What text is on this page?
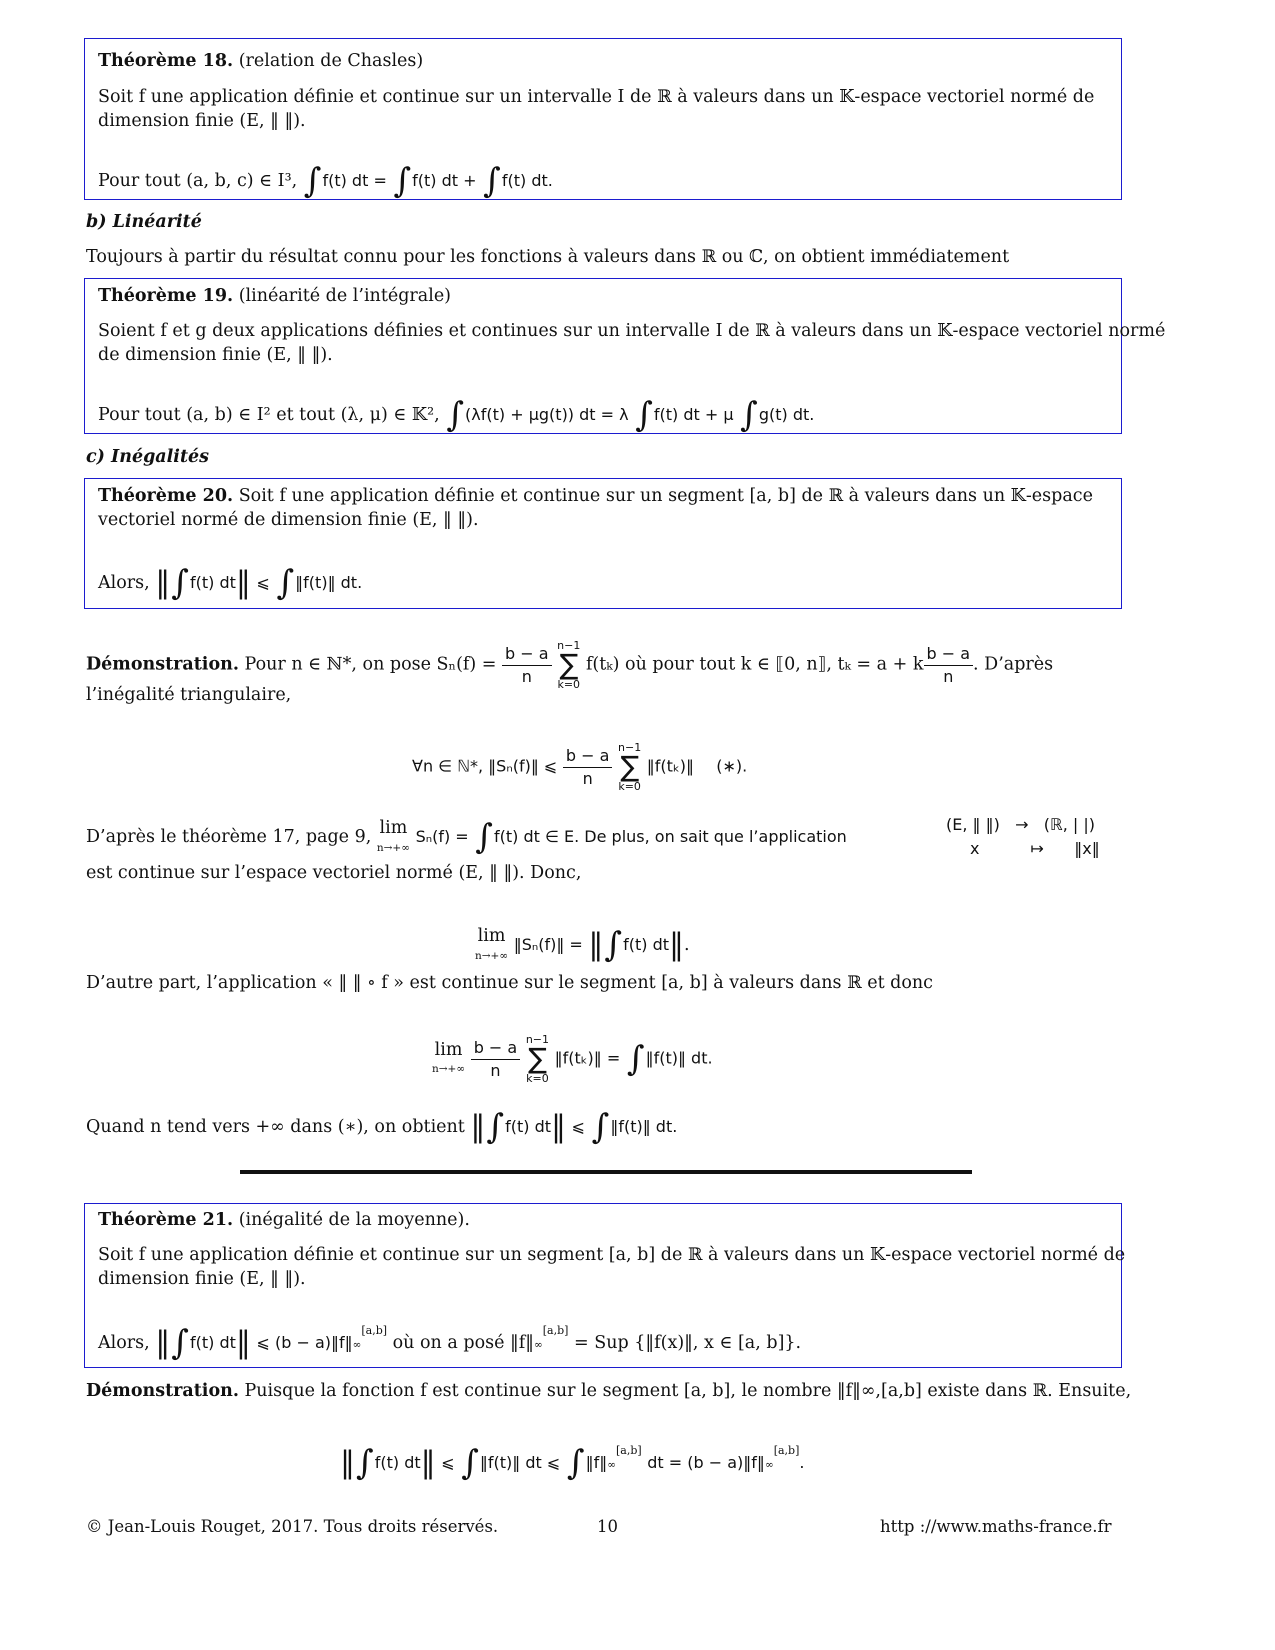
Théorème 18. (relation de Chasles)
Soit f une application définie et continue sur un intervalle I de ℝ à valeurs dans un 𝕂-espace vectoriel normé de
dimension finie (E, ‖ ‖).
Pour tout (a, b, c) ∈ I³, ∫f(t) dt = ∫f(t) dt + ∫f(t) dt.
b) Linéarité
Toujours à partir du résultat connu pour les fonctions à valeurs dans ℝ ou ℂ, on obtient immédiatement
Théorème 19. (linéarité de l’intégrale)
Soient f et g deux applications définies et continues sur un intervalle I de ℝ à valeurs dans un 𝕂-espace vectoriel normé
de dimension finie (E, ‖ ‖).
Pour tout (a, b) ∈ I² et tout (λ, μ) ∈ 𝕂², ∫(λf(t) + μg(t)) dt = λ ∫f(t) dt + μ ∫g(t) dt.
c) Inégalités
Théorème 20. Soit f une application définie et continue sur un segment [a, b] de ℝ à valeurs dans un 𝕂-espace
vectoriel normé de dimension finie (E, ‖ ‖).
Alors, ‖∫f(t) dt‖ ⩽ ∫‖f(t)‖ dt.
Démonstration. Pour n ∈ ℕ*, on pose $S_n(f) = \frac{b - a}{n}$
n−1
∑
k=0
f(tₖ) où pour tout k ∈ ⟦0, n⟧, tₖ = a + k $\frac{b - a}{n}$ . D’après
l’inégalité triangulaire,
∀n ∈ ℕ*, ‖Sₙ(f)‖ ⩽ $\frac{b - a}{n}$
n−1
∑
k=0
‖f(tₖ)‖ (∗).
D’après le théorème 17, page 9, lim
n→+∞ Sₙ(f) = ∫f(t) dt ∈ E. De plus, on sait que l’application
(E, ‖ ‖)   →   (ℝ, | |)
x          ↦      ‖x‖
est continue sur l’espace vectoriel normé (E, ‖ ‖). Donc,
lim
n→+∞ ‖Sₙ(f)‖ = ‖∫f(t) dt‖.
D’autre part, l’application « ‖ ‖ ∘ f » est continue sur le segment [a, b] à valeurs dans ℝ et donc
lim
$n\to+\infty \frac{b - a}{n}$
n−1
∑
k=0
‖f(tₖ)‖ = ∫‖f(t)‖ dt.
Quand n tend vers +∞ dans (∗), on obtient ‖∫f(t) dt‖ ⩽ ∫‖f(t)‖ dt.
Théorème 21. (inégalité de la moyenne).
Soit f une application définie et continue sur un segment [a, b] de ℝ à valeurs dans un 𝕂-espace vectoriel normé de
dimension finie (E, ‖ ‖).
Alors, ‖∫f(t) dt‖ ⩽ (b − a)‖f‖∞[a,b] où on a posé ‖f‖∞[a,b] = Sup {‖f(x)‖, x ∈ [a, b]}.
Démonstration. Puisque la fonction f est continue sur le segment [a, b], le nombre ‖f‖∞,[a,b] existe dans ℝ. Ensuite,
‖∫f(t) dt‖ ⩽ ∫‖f(t)‖ dt ⩽ ∫‖f‖∞[a,b] dt = (b − a)‖f‖∞[a,b].
© Jean-Louis Rouget, 2017. Tous droits réservés.	10	http ://www.maths-france.fr
